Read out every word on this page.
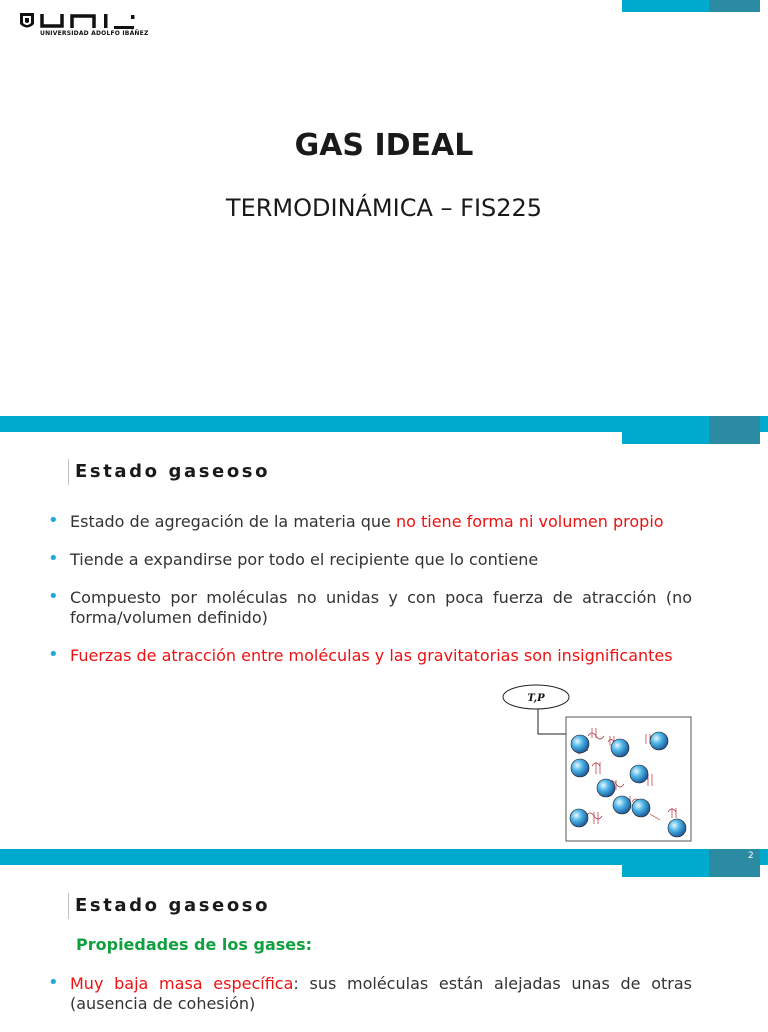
UNIVERSIDAD ADOLFO IBÁÑEZ
GAS IDEAL
TERMODINÁMICA – FIS225
Estado gaseoso
• Estado de agregación de la materia que no tiene forma ni volumen propio
• Tiende a expandirse por todo el recipiente que lo contiene
• Compuesto por moléculas no unidas y con poca fuerza de atracción (no forma/volumen definido)
• Fuerzas de atracción entre moléculas y las gravitatorias son insignificantes
T,P
2
Estado gaseoso
Propiedades de los gases:
• Muy baja masa específica: sus moléculas están alejadas unas de otras (ausencia de cohesión)
